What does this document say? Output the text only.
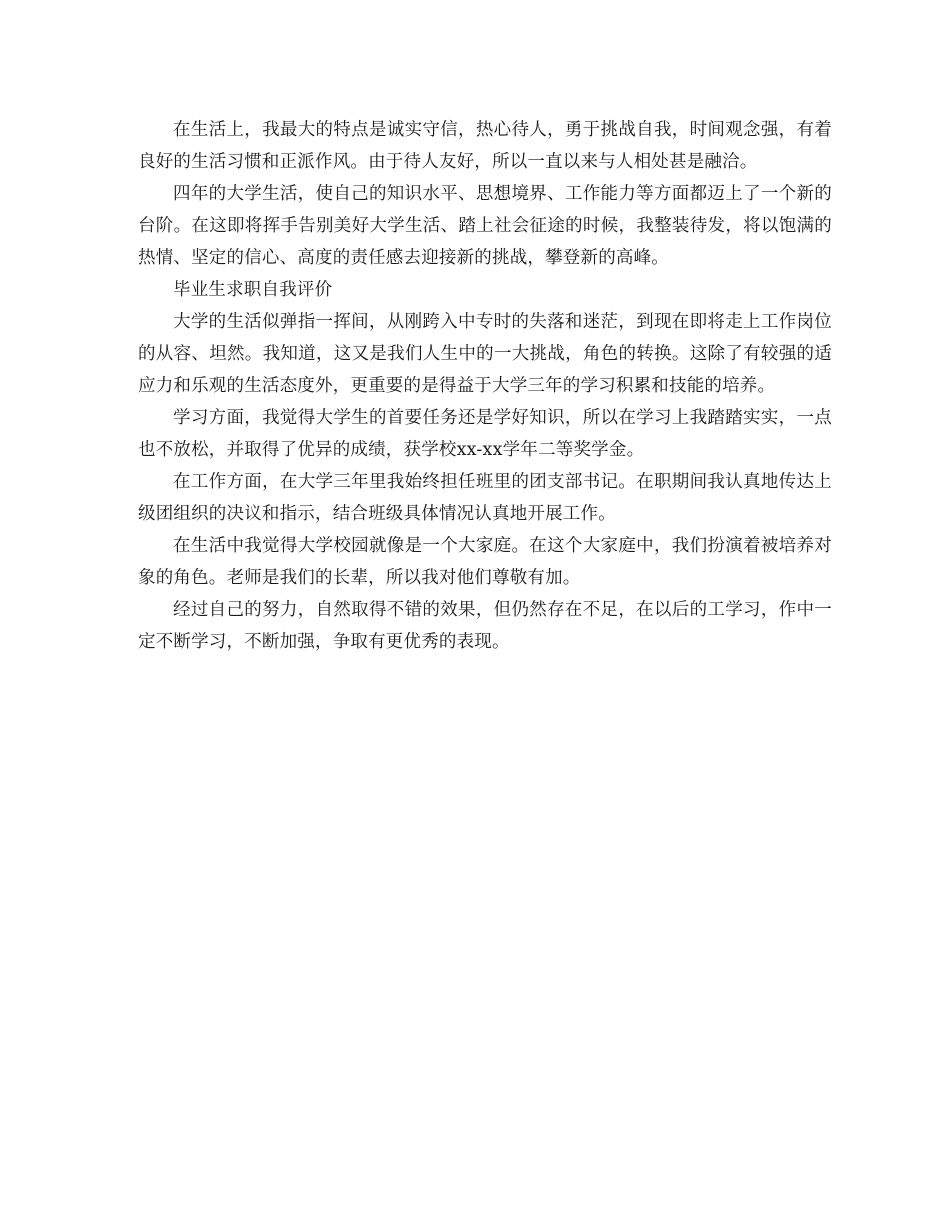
在生活上，我最大的特点是诚实守信，热心待人，勇于挑战自我，时间观念强，有着良好的生活习惯和正派作风。由于待人友好，所以一直以来与人相处甚是融洽。

四年的大学生活，使自己的知识水平、思想境界、工作能力等方面都迈上了一个新的台阶。在这即将挥手告别美好大学生活、踏上社会征途的时候，我整装待发，将以饱满的热情、坚定的信心、高度的责任感去迎接新的挑战，攀登新的高峰。

毕业生求职自我评价

大学的生活似弹指一挥间，从刚跨入中专时的失落和迷茫，到现在即将走上工作岗位的从容、坦然。我知道，这又是我们人生中的一大挑战，角色的转换。这除了有较强的适应力和乐观的生活态度外，更重要的是得益于大学三年的学习积累和技能的培养。

学习方面，我觉得大学生的首要任务还是学好知识，所以在学习上我踏踏实实，一点也不放松，并取得了优异的成绩，获学校xx-xx学年二等奖学金。

在工作方面，在大学三年里我始终担任班里的团支部书记。在职期间我认真地传达上级团组织的决议和指示，结合班级具体情况认真地开展工作。

在生活中我觉得大学校园就像是一个大家庭。在这个大家庭中，我们扮演着被培养对象的角色。老师是我们的长辈，所以我对他们尊敬有加。

经过自己的努力，自然取得不错的效果，但仍然存在不足，在以后的工学习，作中一定不断学习，不断加强，争取有更优秀的表现。
